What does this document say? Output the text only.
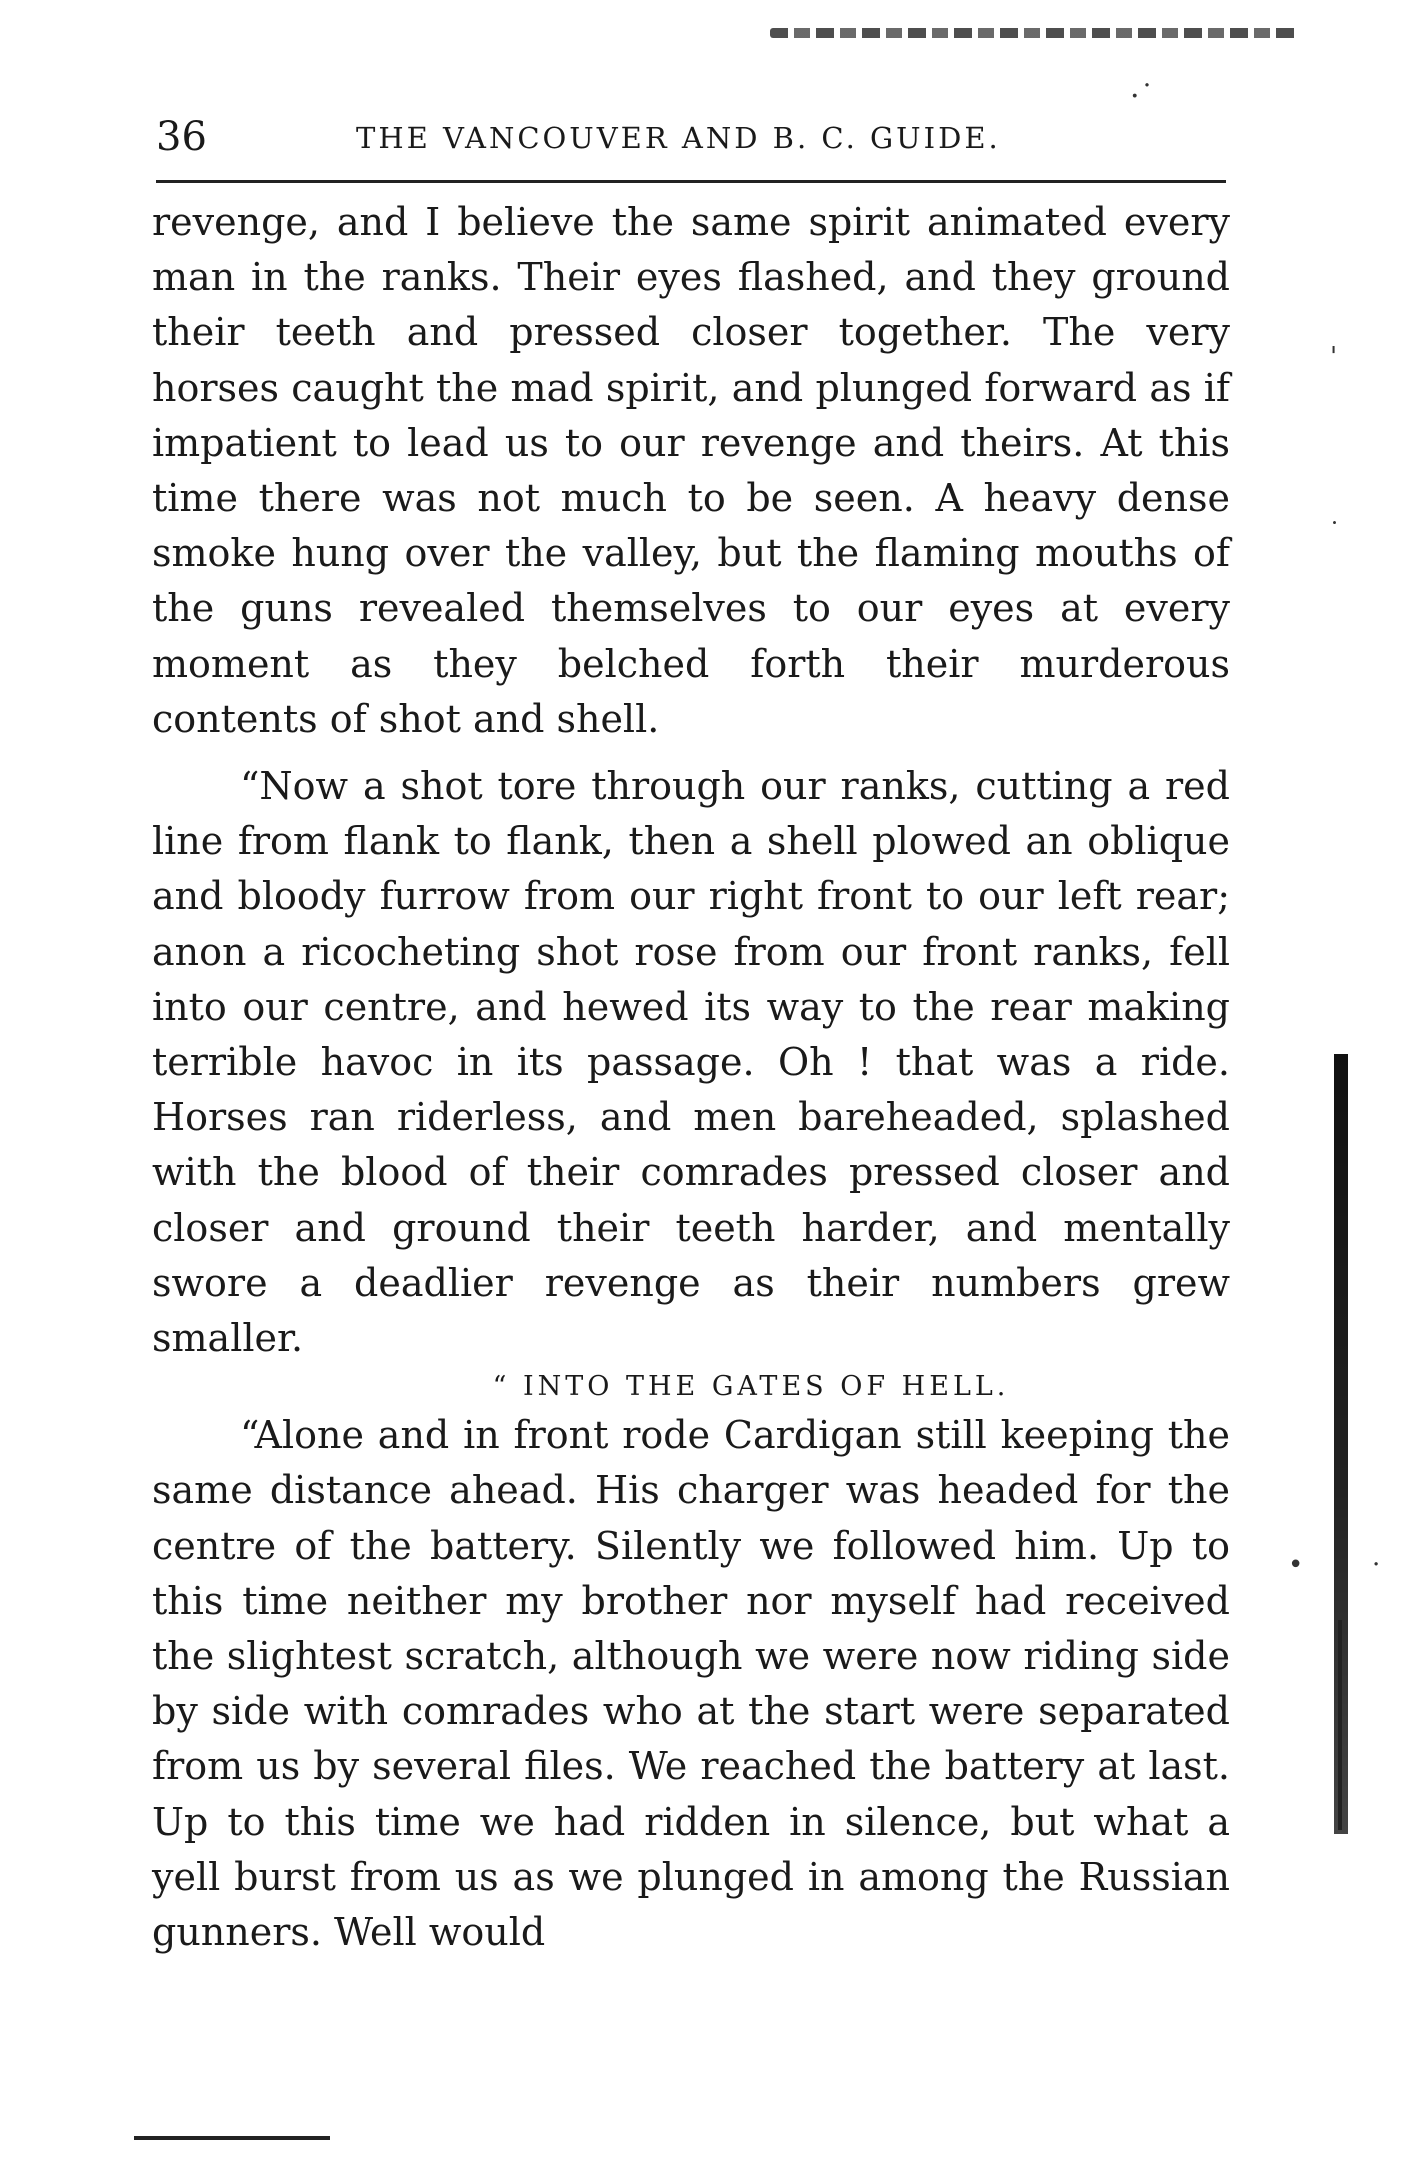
36	THE VANCOUVER AND B. C. GUIDE.
·˙

revenge, and I believe the same spirit animated every man in the ranks. Their eyes flashed, and they ground their teeth and pressed closer together. The very horses caught the mad spirit, and plunged forward as if impatient to lead us to our revenge and theirs. At this time there was not much to be seen. A heavy dense smoke hung over the valley, but the flaming mouths of the guns revealed themselves to our eyes at every moment as they belched forth their murderous contents of shot and shell.

“Now a shot tore through our ranks, cutting a red line from flank to flank, then a shell plowed an oblique and bloody furrow from our right front to our left rear; anon a ricocheting shot rose from our front ranks, fell into our centre, and hewed its way to the rear making terrible havoc in its passage. Oh ! that was a ride. Horses ran riderless, and men bareheaded, splashed with the blood of their comrades pressed closer and closer and ground their teeth harder, and mentally swore a deadlier revenge as their numbers grew smaller.

“ INTO THE GATES OF HELL.

“Alone and in front rode Cardigan still keeping the same distance ahead. His charger was headed for the centre of the battery. Silently we followed him. Up to this time neither my brother nor myself had received the slightest scratch, although we were now riding side by side with comrades who at the start were separated from us by several files. We reached the battery at last. Up to this time we had ridden in silence, but what a yell burst from us as we plunged in among the Russian gunners. Well would

'
˙
•	·
